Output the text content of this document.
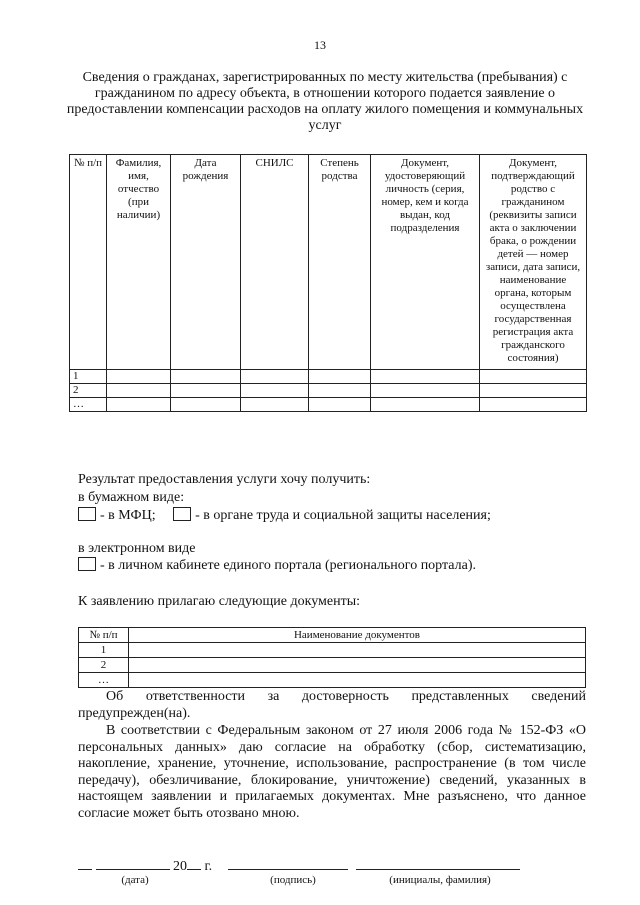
13
Сведения о гражданах, зарегистрированных по месту жительства (пребывания) с гражданином по адресу объекта, в отношении которого подается заявление о предоставлении компенсации расходов на оплату жилого помещения и коммунальных услуг
№ п/п	Фамилия, имя, отчество (при наличии)	Дата рождения	СНИЛС	Степень родства	Документ, удостоверяющий личность (серия, номер, кем и когда выдан, код подразделения	Документ, подтверждающий родство с гражданином (реквизиты записи акта о заключении брака, о рождении детей — номер записи, дата записи, наименование органа, которым осуществлена государственная регистрация акта гражданского состояния)
1						
2						
…						
Результат предоставления услуги хочу получить:
в бумажном виде:
- в МФЦ;	- в органе труда и социальной защиты населения;
в электронном виде
- в личном кабинете единого портала (регионального портала).
К заявлению прилагаю следующие документы:
№ п/п	Наименование документов
1	
2	
…	
Об ответственности за достоверность представленных сведений предупрежден(на).
В соответствии с Федеральным законом от 27 июля 2006 года № 152-ФЗ «О персональных данных» даю согласие на обработку (сбор, систематизацию, накопление, хранение, уточнение, использование, распространение (в том числе передачу), обезличивание, блокирование, уничтожение) сведений, указанных в настоящем заявлении и прилагаемых документах. Мне разъяснено, что данное согласие может быть отозвано мною.
20 г.
(дата)	(подпись)	(инициалы, фамилия)
